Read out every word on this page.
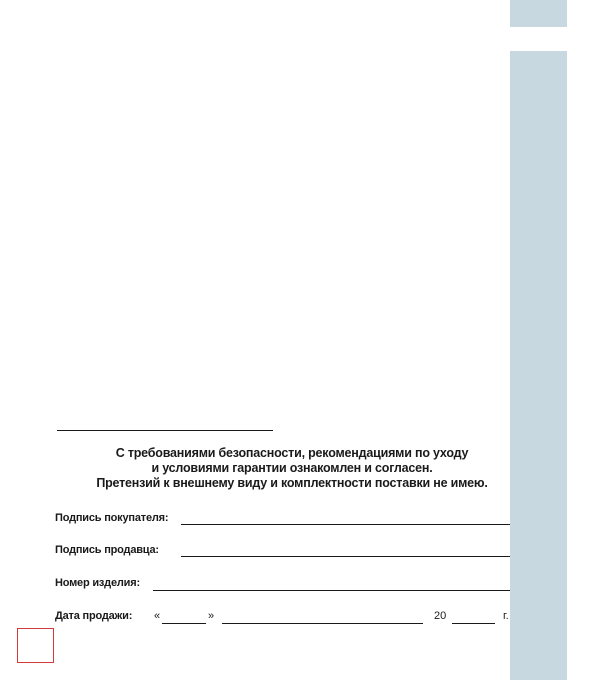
С требованиями безопасности, рекомендациями по уходу
и условиями гарантии ознакомлен и согласен.
Претензий к внешнему виду и комплектности поставки не имею.
Подпись покупателя:
Подпись продавца:
Номер изделия:
Дата продажи: «	»	20	г.
